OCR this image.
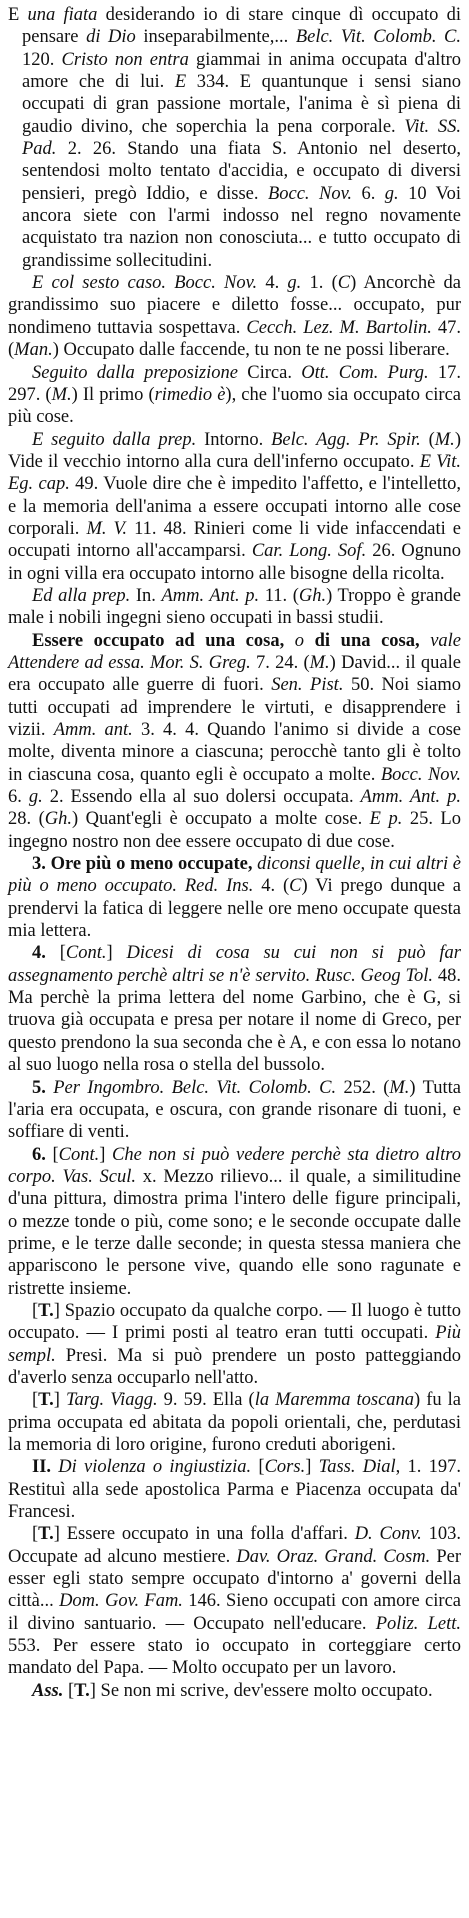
E una fiata desiderando io di stare cinque dì occupato di pensare di Dio inseparabilmente,... Belc. Vit. Colomb. C. 120. Cristo non entra giammai in anima occupata d'altro amore che di lui. E 334. E quantunque i sensi siano occupati di gran passione mortale, l'anima è sì piena di gaudio divino, che soperchia la pena corporale. Vit. SS. Pad. 2. 26. Stando una fiata S. Antonio nel deserto, sentendosi molto tentato d'accidia, e occupato di diversi pensieri, pregò Iddio, e disse. Bocc. Nov. 6. g. 10 Voi ancora siete con l'armi indosso nel regno novamente acquistato tra nazion non conosciuta... e tutto occupato di grandissime sollecitudini.
E col sesto caso. Bocc. Nov. 4. g. 1. (C) Ancorchè da grandissimo suo piacere e diletto fosse... occupato, pur nondimeno tuttavia sospettava. Cecch. Lez. M. Bartolin. 47. (Man.) Occupato dalle faccende, tu non te ne possi liberare.
Seguito dalla preposizione Circa. Ott. Com. Purg. 17. 297. (M.) Il primo (rimedio è), che l'uomo sia occupato circa più cose.
E seguito dalla prep. Intorno. Belc. Agg. Pr. Spir. (M.) Vide il vecchio intorno alla cura dell'inferno occupato. E Vit. Eg. cap. 49. Vuole dire che è impedito l'affetto, e l'intelletto, e la memoria dell'anima a essere occupati intorno alle cose corporali. M. V. 11. 48. Rinieri come li vide infaccendati e occupati intorno all'accamparsi. Car. Long. Sof. 26. Ognuno in ogni villa era occupato intorno alle bisogne della ricolta.
Ed alla prep. In. Amm. Ant. p. 11. (Gh.) Troppo è grande male i nobili ingegni sieno occupati in bassi studii.
Essere occupato ad una cosa, o di una cosa, vale Attendere ad essa. Mor. S. Greg. 7. 24. (M.) David... il quale era occupato alle guerre di fuori. Sen. Pist. 50. Noi siamo tutti occupati ad imprendere le virtuti, e disapprendere i vizii. Amm. ant. 3. 4. 4. Quando l'animo si divide a cose molte, diventa minore a ciascuna; perocchè tanto gli è tolto in ciascuna cosa, quanto egli è occupato a molte. Bocc. Nov. 6. g. 2. Essendo ella al suo dolersi occupata. Amm. Ant. p. 28. (Gh.) Quant'egli è occupato a molte cose. E p. 25. Lo ingegno nostro non dee essere occupato di due cose.
3. Ore più o meno occupate, diconsi quelle, in cui altri è più o meno occupato. Red. Ins. 4. (C) Vi prego dunque a prendervi la fatica di leggere nelle ore meno occupate questa mia lettera.
4. [Cont.] Dicesi di cosa su cui non si può far assegnamento perchè altri se n'è servito. Rusc. Geog Tol. 48. Ma perchè la prima lettera del nome Garbino, che è G, si truova già occupata e presa per notare il nome di Greco, per questo prendono la sua seconda che è A, e con essa lo notano al suo luogo nella rosa o stella del bussolo.
5. Per Ingombro. Belc. Vit. Colomb. C. 252. (M.) Tutta l'aria era occupata, e oscura, con grande risonare di tuoni, e soffiare di venti.
6. [Cont.] Che non si può vedere perchè sta dietro altro corpo. Vas. Scul. x. Mezzo rilievo... il quale, a similitudine d'una pittura, dimostra prima l'intero delle figure principali, o mezze tonde o più, come sono; e le seconde occupate dalle prime, e le terze dalle seconde; in questa stessa maniera che appariscono le persone vive, quando elle sono ragunate e ristrette insieme.
[T.] Spazio occupato da qualche corpo. — Il luogo è tutto occupato. — I primi posti al teatro eran tutti occupati. Più sempl. Presi. Ma si può prendere un posto patteggiando d'averlo senza occuparlo nell'atto.
[T.] Targ. Viagg. 9. 59. Ella (la Maremma toscana) fu la prima occupata ed abitata da popoli orientali, che, perdutasi la memoria di loro origine, furono creduti aborigeni.
II. Di violenza o ingiustizia. [Cors.] Tass. Dial, 1. 197. Restituì alla sede apostolica Parma e Piacenza occupata da' Francesi.
[T.] Essere occupato in una folla d'affari. D. Conv. 103. Occupate ad alcuno mestiere. Dav. Oraz. Grand. Cosm. Per esser egli stato sempre occupato d'intorno a' governi della città... Dom. Gov. Fam. 146. Sieno occupati con amore circa il divino santuario. — Occupato nell'educare. Poliz. Lett. 553. Per essere stato io occupato in corteggiare certo mandato del Papa. — Molto occupato per un lavoro.
Ass. [T.] Se non mi scrive, dev'essere molto occupato.
